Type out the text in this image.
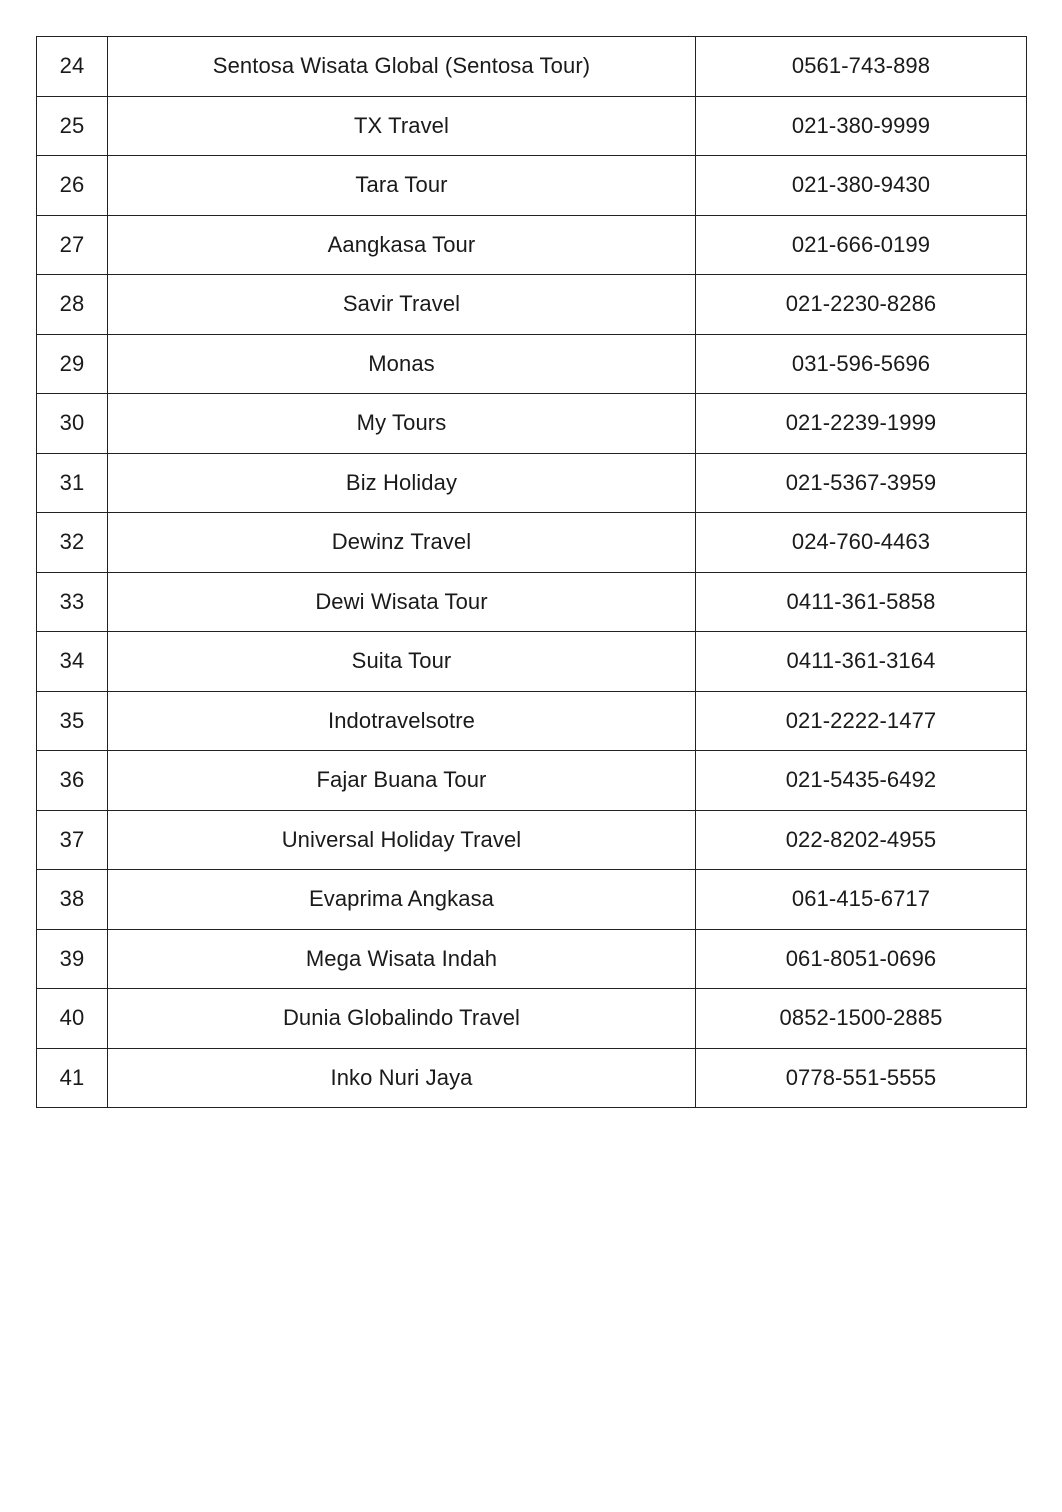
24	Sentosa Wisata Global (Sentosa Tour)	0561-743-898
25	TX Travel	021-380-9999
26	Tara Tour	021-380-9430
27	Aangkasa Tour	021-666-0199
28	Savir Travel	021-2230-8286
29	Monas	031-596-5696
30	My Tours	021-2239-1999
31	Biz Holiday	021-5367-3959
32	Dewinz Travel	024-760-4463
33	Dewi Wisata Tour	0411-361-5858
34	Suita Tour	0411-361-3164
35	Indotravelsotre	021-2222-1477
36	Fajar Buana Tour	021-5435-6492
37	Universal Holiday Travel	022-8202-4955
38	Evaprima Angkasa	061-415-6717
39	Mega Wisata Indah	061-8051-0696
40	Dunia Globalindo Travel	0852-1500-2885
41	Inko Nuri Jaya	0778-551-5555
